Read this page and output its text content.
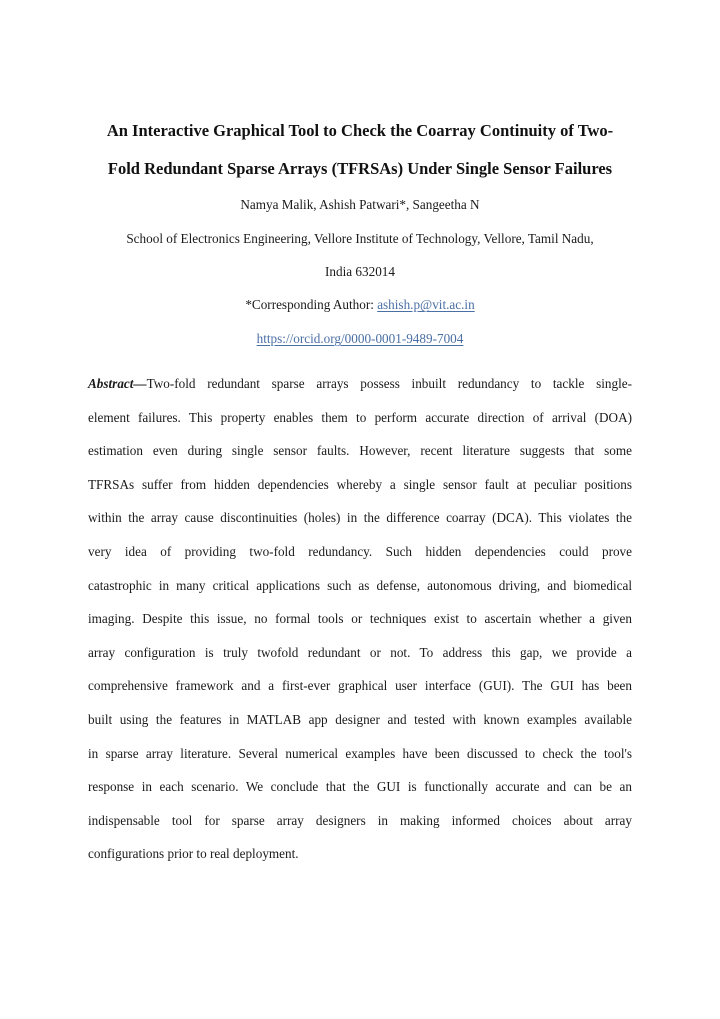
An Interactive Graphical Tool to Check the Coarray Continuity of Two-
Fold Redundant Sparse Arrays (TFRSAs) Under Single Sensor Failures
Namya Malik, Ashish Patwari*, Sangeetha N
School of Electronics Engineering, Vellore Institute of Technology, Vellore, Tamil Nadu,
India 632014
*Corresponding Author: ashish.p@vit.ac.in
https://orcid.org/0000-0001-9489-7004
Abstract—Two-fold redundant sparse arrays possess inbuilt redundancy to tackle single-
element failures. This property enables them to perform accurate direction of arrival (DOA)
estimation even during single sensor faults. However, recent literature suggests that some
TFRSAs suffer from hidden dependencies whereby a single sensor fault at peculiar positions
within the array cause discontinuities (holes) in the difference coarray (DCA). This violates the
very idea of providing two-fold redundancy. Such hidden dependencies could prove
catastrophic in many critical applications such as defense, autonomous driving, and biomedical
imaging. Despite this issue, no formal tools or techniques exist to ascertain whether a given
array configuration is truly twofold redundant or not. To address this gap, we provide a
comprehensive framework and a first-ever graphical user interface (GUI). The GUI has been
built using the features in MATLAB app designer and tested with known examples available
in sparse array literature. Several numerical examples have been discussed to check the tool's
response in each scenario. We conclude that the GUI is functionally accurate and can be an
indispensable tool for sparse array designers in making informed choices about array
configurations prior to real deployment.
